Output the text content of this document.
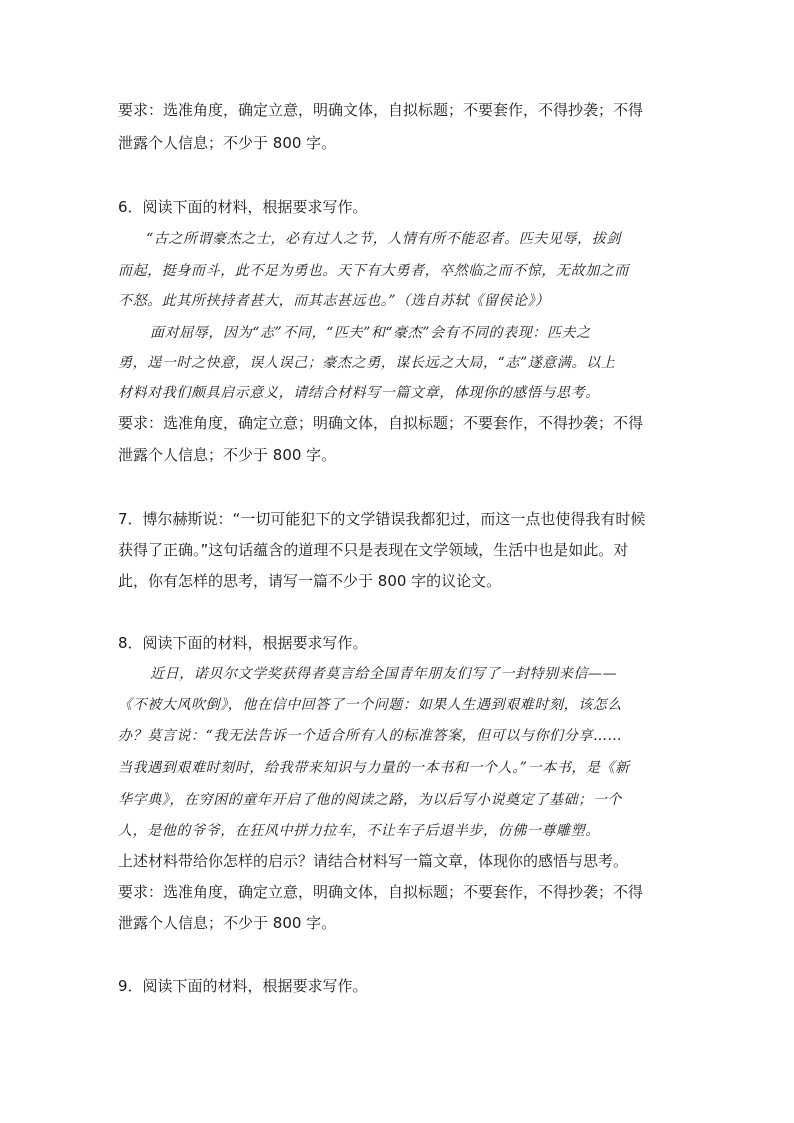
要求：选准角度，确定立意，明确文体，自拟标题；不要套作，不得抄袭；不得
泄露个人信息；不少于 800 字。
6．阅读下面的材料，根据要求写作。
“古之所谓豪杰之士，必有过人之节，人情有所不能忍者。匹夫见辱，拔剑
而起，挺身而斗，此不足为勇也。天下有大勇者，卒然临之而不惊，无故加之而
不怒。此其所挟持者甚大，而其志甚远也。”（选自苏轼《留侯论》）
面对屈辱，因为“志”不同，“匹夫”和“豪杰”会有不同的表现：匹夫之
勇，逞一时之快意，误人误己；豪杰之勇，谋长远之大局，“志”遂意满。以上
材料对我们颇具启示意义，请结合材料写一篇文章，体现你的感悟与思考。
要求：选准角度，确定立意；明确文体，自拟标题；不要套作，不得抄袭；不得
泄露个人信息；不少于 800 字。
7．博尔赫斯说：“一切可能犯下的文学错误我都犯过，而这一点也使得我有时候
获得了正确。”这句话蕴含的道理不只是表现在文学领域，生活中也是如此。对
此，你有怎样的思考，请写一篇不少于 800 字的议论文。
8．阅读下面的材料，根据要求写作。
近日，诺贝尔文学奖获得者莫言给全国青年朋友们写了一封特别来信——
《不被大风吹倒》，他在信中回答了一个问题：如果人生遇到艰难时刻，该怎么
办？莫言说：“我无法告诉一个适合所有人的标准答案，但可以与你们分享……
当我遇到艰难时刻时，给我带来知识与力量的一本书和一个人。”一本书，是《新
华字典》，在穷困的童年开启了他的阅读之路，为以后写小说奠定了基础；一个
人，是他的爷爷，在狂风中拼力拉车，不让车子后退半步，仿佛一尊雕塑。
上述材料带给你怎样的启示？请结合材料写一篇文章，体现你的感悟与思考。
要求：选准角度，确定立意，明确文体，自拟标题；不要套作，不得抄袭；不得
泄露个人信息；不少于 800 字。
9．阅读下面的材料，根据要求写作。
